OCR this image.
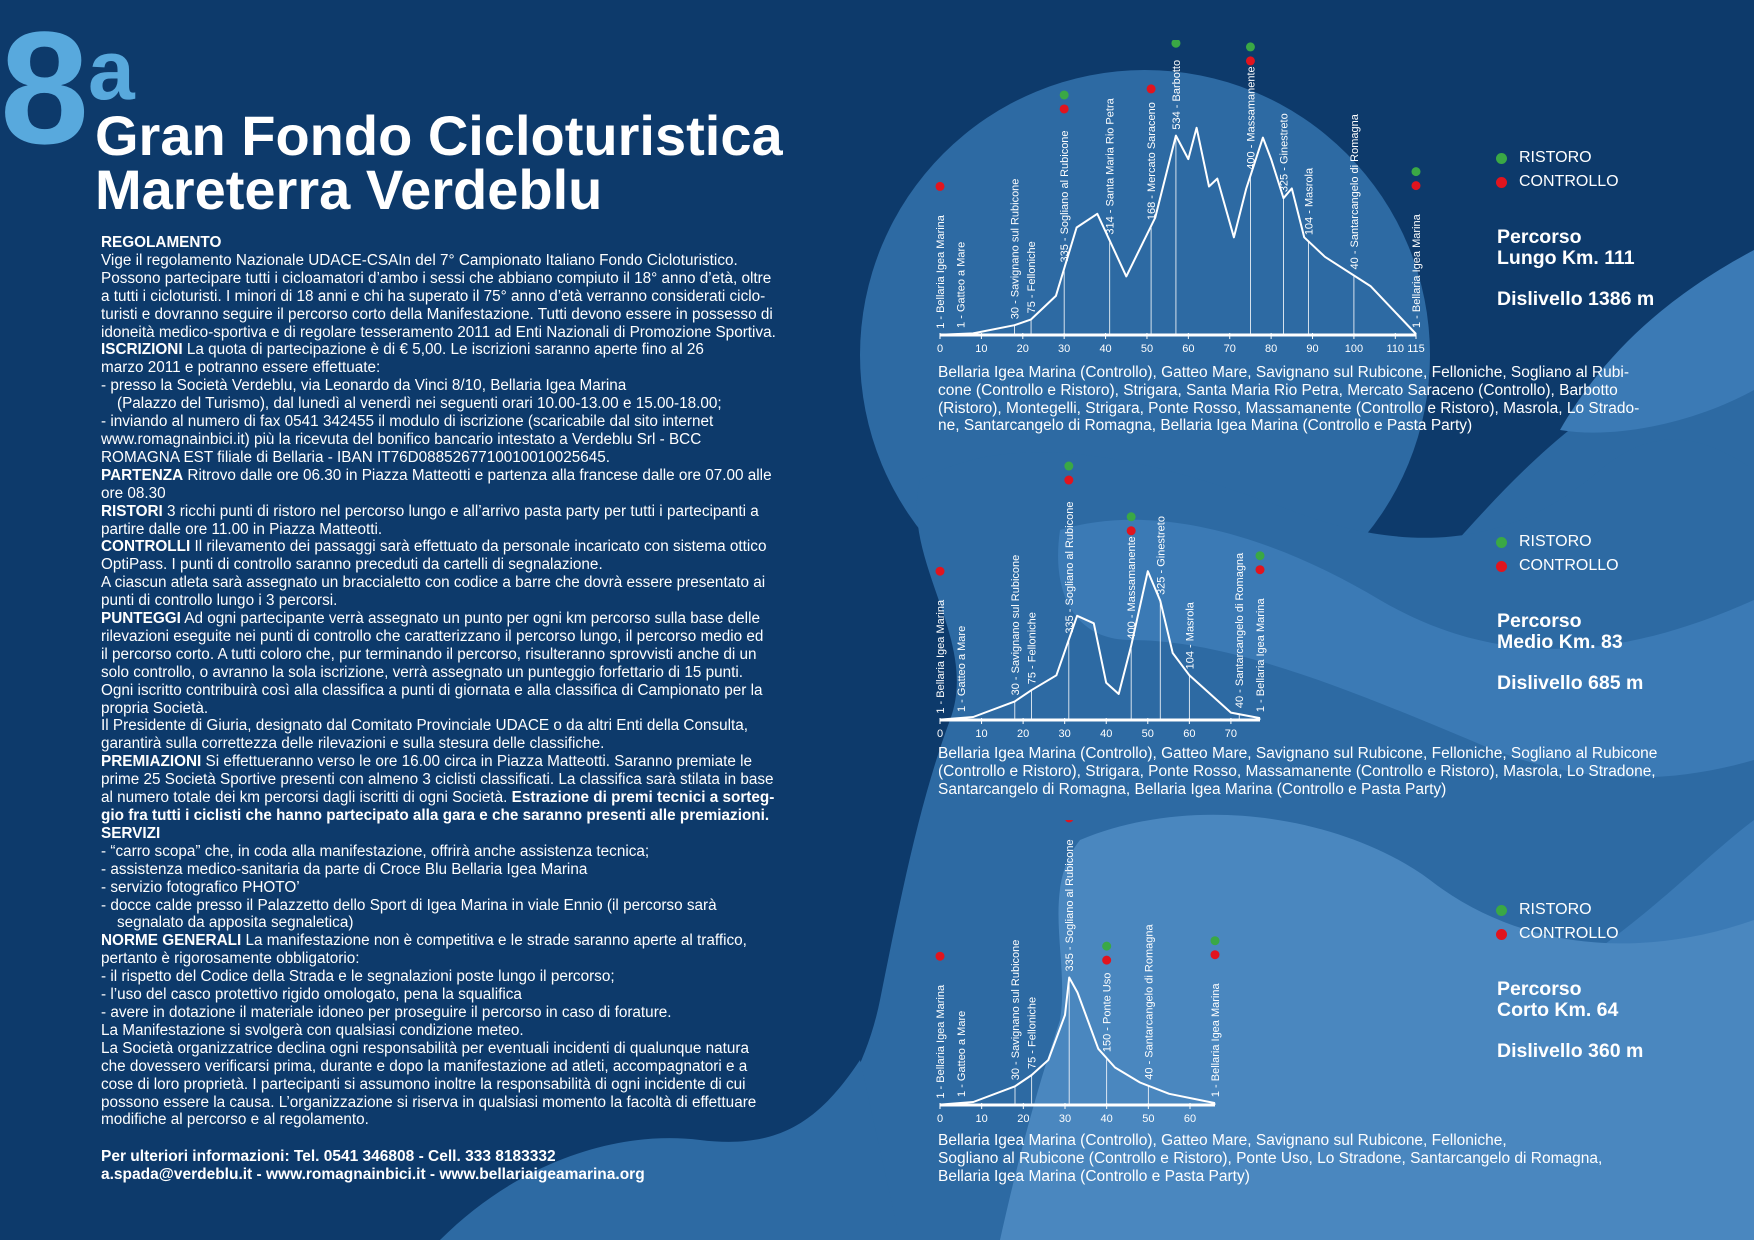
8 a
Gran Fondo Cicloturistica
Mareterra Verdeblu

REGOLAMENTO

Vige il regolamento Nazionale UDACE-CSAIn del 7° Campionato Italiano Fondo Cicloturistico.

Possono partecipare tutti i cicloamatori d’ambo i sessi che abbiano compiuto il 18° anno d’età, oltre

a tutti i cicloturisti. I minori di 18 anni e chi ha superato il 75° anno d’età verranno considerati ciclo-

turisti e dovranno seguire il percorso corto della Manifestazione. Tutti devono essere in possesso di

idoneità medico-sportiva e di regolare tesseramento 2011 ad Enti Nazionali di Promozione Sportiva.

ISCRIZIONI La quota di partecipazione è di € 5,00. Le iscrizioni saranno aperte fino al 26

marzo 2011 e potranno essere effettuate:

- presso la Società Verdeblu, via Leonardo da Vinci 8/10, Bellaria Igea Marina

(Palazzo del Turismo), dal lunedì al venerdì nei seguenti orari 10.00-13.00 e 15.00-18.00;

- inviando al numero di fax 0541 342455 il modulo di iscrizione (scaricabile dal sito internet

www.romagnainbici.it) più la ricevuta del bonifico bancario intestato a Verdeblu Srl - BCC

ROMAGNA EST filiale di Bellaria - IBAN IT76D0885267710010010025645.

PARTENZA Ritrovo dalle ore 06.30 in Piazza Matteotti e partenza alla francese dalle ore 07.00 alle

ore 08.30

RISTORI 3 ricchi punti di ristoro nel percorso lungo e all’arrivo pasta party per tutti i partecipanti a

partire dalle ore 11.00 in Piazza Matteotti.

CONTROLLI Il rilevamento dei passaggi sarà effettuato da personale incaricato con sistema ottico

OptiPass. I punti di controllo saranno preceduti da cartelli di segnalazione.

A ciascun atleta sarà assegnato un braccialetto con codice a barre che dovrà essere presentato ai

punti di controllo lungo i 3 percorsi.

PUNTEGGI Ad ogni partecipante verrà assegnato un punto per ogni km percorso sulla base delle

rilevazioni eseguite nei punti di controllo che caratterizzano il percorso lungo, il percorso medio ed

il percorso corto. A tutti coloro che, pur terminando il percorso, risulteranno sprovvisti anche di un

solo controllo, o avranno la sola iscrizione, verrà assegnato un punteggio forfettario di 15 punti.

Ogni iscritto contribuirà così alla classifica a punti di giornata e alla classifica di Campionato per la

propria Società.

Il Presidente di Giuria, designato dal Comitato Provinciale UDACE o da altri Enti della Consulta,

garantirà sulla correttezza delle rilevazioni e sulla stesura delle classifiche.

PREMIAZIONI Si effettueranno verso le ore 16.00 circa in Piazza Matteotti. Saranno premiate le

prime 25 Società Sportive presenti con almeno 3 ciclisti classificati. La classifica sarà stilata in base

al numero totale dei km percorsi dagli iscritti di ogni Società. Estrazione di premi tecnici a sorteg-

gio fra tutti i ciclisti che hanno partecipato alla gara e che saranno presenti alle premiazioni.

SERVIZI

- “carro scopa” che, in coda alla manifestazione, offrirà anche assistenza tecnica;

- assistenza medico-sanitaria da parte di Croce Blu Bellaria Igea Marina

- servizio fotografico PHOTO’

- docce calde presso il Palazzetto dello Sport di Igea Marina in viale Ennio (il percorso sarà

segnalato da apposita segnaletica)

NORME GENERALI La manifestazione non è competitiva e le strade saranno aperte al traffico,

pertanto è rigorosamente obbligatorio:

- il rispetto del Codice della Strada e le segnalazioni poste lungo il percorso;

- l’uso del casco protettivo rigido omologato, pena la squalifica

- avere in dotazione il materiale idoneo per proseguire il percorso in caso di forature.

La Manifestazione si svolgerà con qualsiasi condizione meteo.

La Società organizzatrice declina ogni responsabilità per eventuali incidenti di qualunque natura

che dovessero verificarsi prima, durante e dopo la manifestazione ad atleti, accompagnatori e a

cose di loro proprietà. I partecipanti si assumono inoltre la responsabilità di ogni incidente di cui

possono essere la causa. L’organizzazione si riserva in qualsiasi momento la facoltà di effettuare

modifiche al percorso e al regolamento.

Per ulteriori informazioni: Tel. 0541 346808 - Cell. 333 8183332
a.spada@verdeblu.it - www.romagnainbici.it - www.bellariaigeamarina.org
0	10	20	30	40	50	60	70	80	90 100 110 115
1 - Bellaria Igea Marina 1 - Gatteo a Mare	30 - Savignano sul Rubicone 75 - Felloniche
335 - Sogliano al Rubicone	314 - Santa Maria Rio Petra	168 - Mercato Saraceno
534 - Barbotto	400 - Massamanente 325 - Ginestreto
104 - Masrola	40 - Santarcangelo di Romagna
1 - Bellaria Igea Marina
RISTORO
CONTROLLO
Percorso
Lungo Km. 111
Dislivello 1386 m
Bellaria Igea Marina (Controllo), Gatteo Mare, Savignano sul Rubicone, Felloniche, Sogliano al Rubi-
cone (Controllo e Ristoro), Strigara, Santa Maria Rio Petra, Mercato Saraceno (Controllo), Barbotto
(Ristoro), Montegelli, Strigara, Ponte Rosso, Massamanente (Controllo e Ristoro), Masrola, Lo Strado-
ne, Santarcangelo di Romagna, Bellaria Igea Marina (Controllo e Pasta Party)
0	10	20	30	40	50	60	70
1 - Bellaria Igea Marina 1 - Gatteo a Mare	30 - Savignano sul Rubicone 75 - Felloniche
335 - Sogliano al Rubicone	400 - Massamanente 325 - Ginestreto
104 - Masrola	40 - Santarcangelo di Romagna 1 - Bellaria Igea Marina
RISTORO
CONTROLLO
Percorso
Medio Km. 83
Dislivello 685 m
Bellaria Igea Marina (Controllo), Gatteo Mare, Savignano sul Rubicone, Felloniche, Sogliano al Rubicone
(Controllo e Ristoro), Strigara, Ponte Rosso, Massamanente (Controllo e Ristoro), Masrola, Lo Stradone,
Santarcangelo di Romagna, Bellaria Igea Marina (Controllo e Pasta Party)
0	10	20	30	40	50	60
1 - Bellaria Igea Marina 1 - Gatteo a Mare	30 - Savignano sul Rubicone 75 - Felloniche
335 - Sogliano al Rubicone
150 - Ponte Uso	40 - Santarcangelo di Romagna	1 - Bellaria Igea Marina
RISTORO
CONTROLLO
Percorso
Corto Km. 64
Dislivello 360 m
Bellaria Igea Marina (Controllo), Gatteo Mare, Savignano sul Rubicone, Felloniche,
Sogliano al Rubicone (Controllo e Ristoro), Ponte Uso, Lo Stradone, Santarcangelo di Romagna,
Bellaria Igea Marina (Controllo e Pasta Party)
